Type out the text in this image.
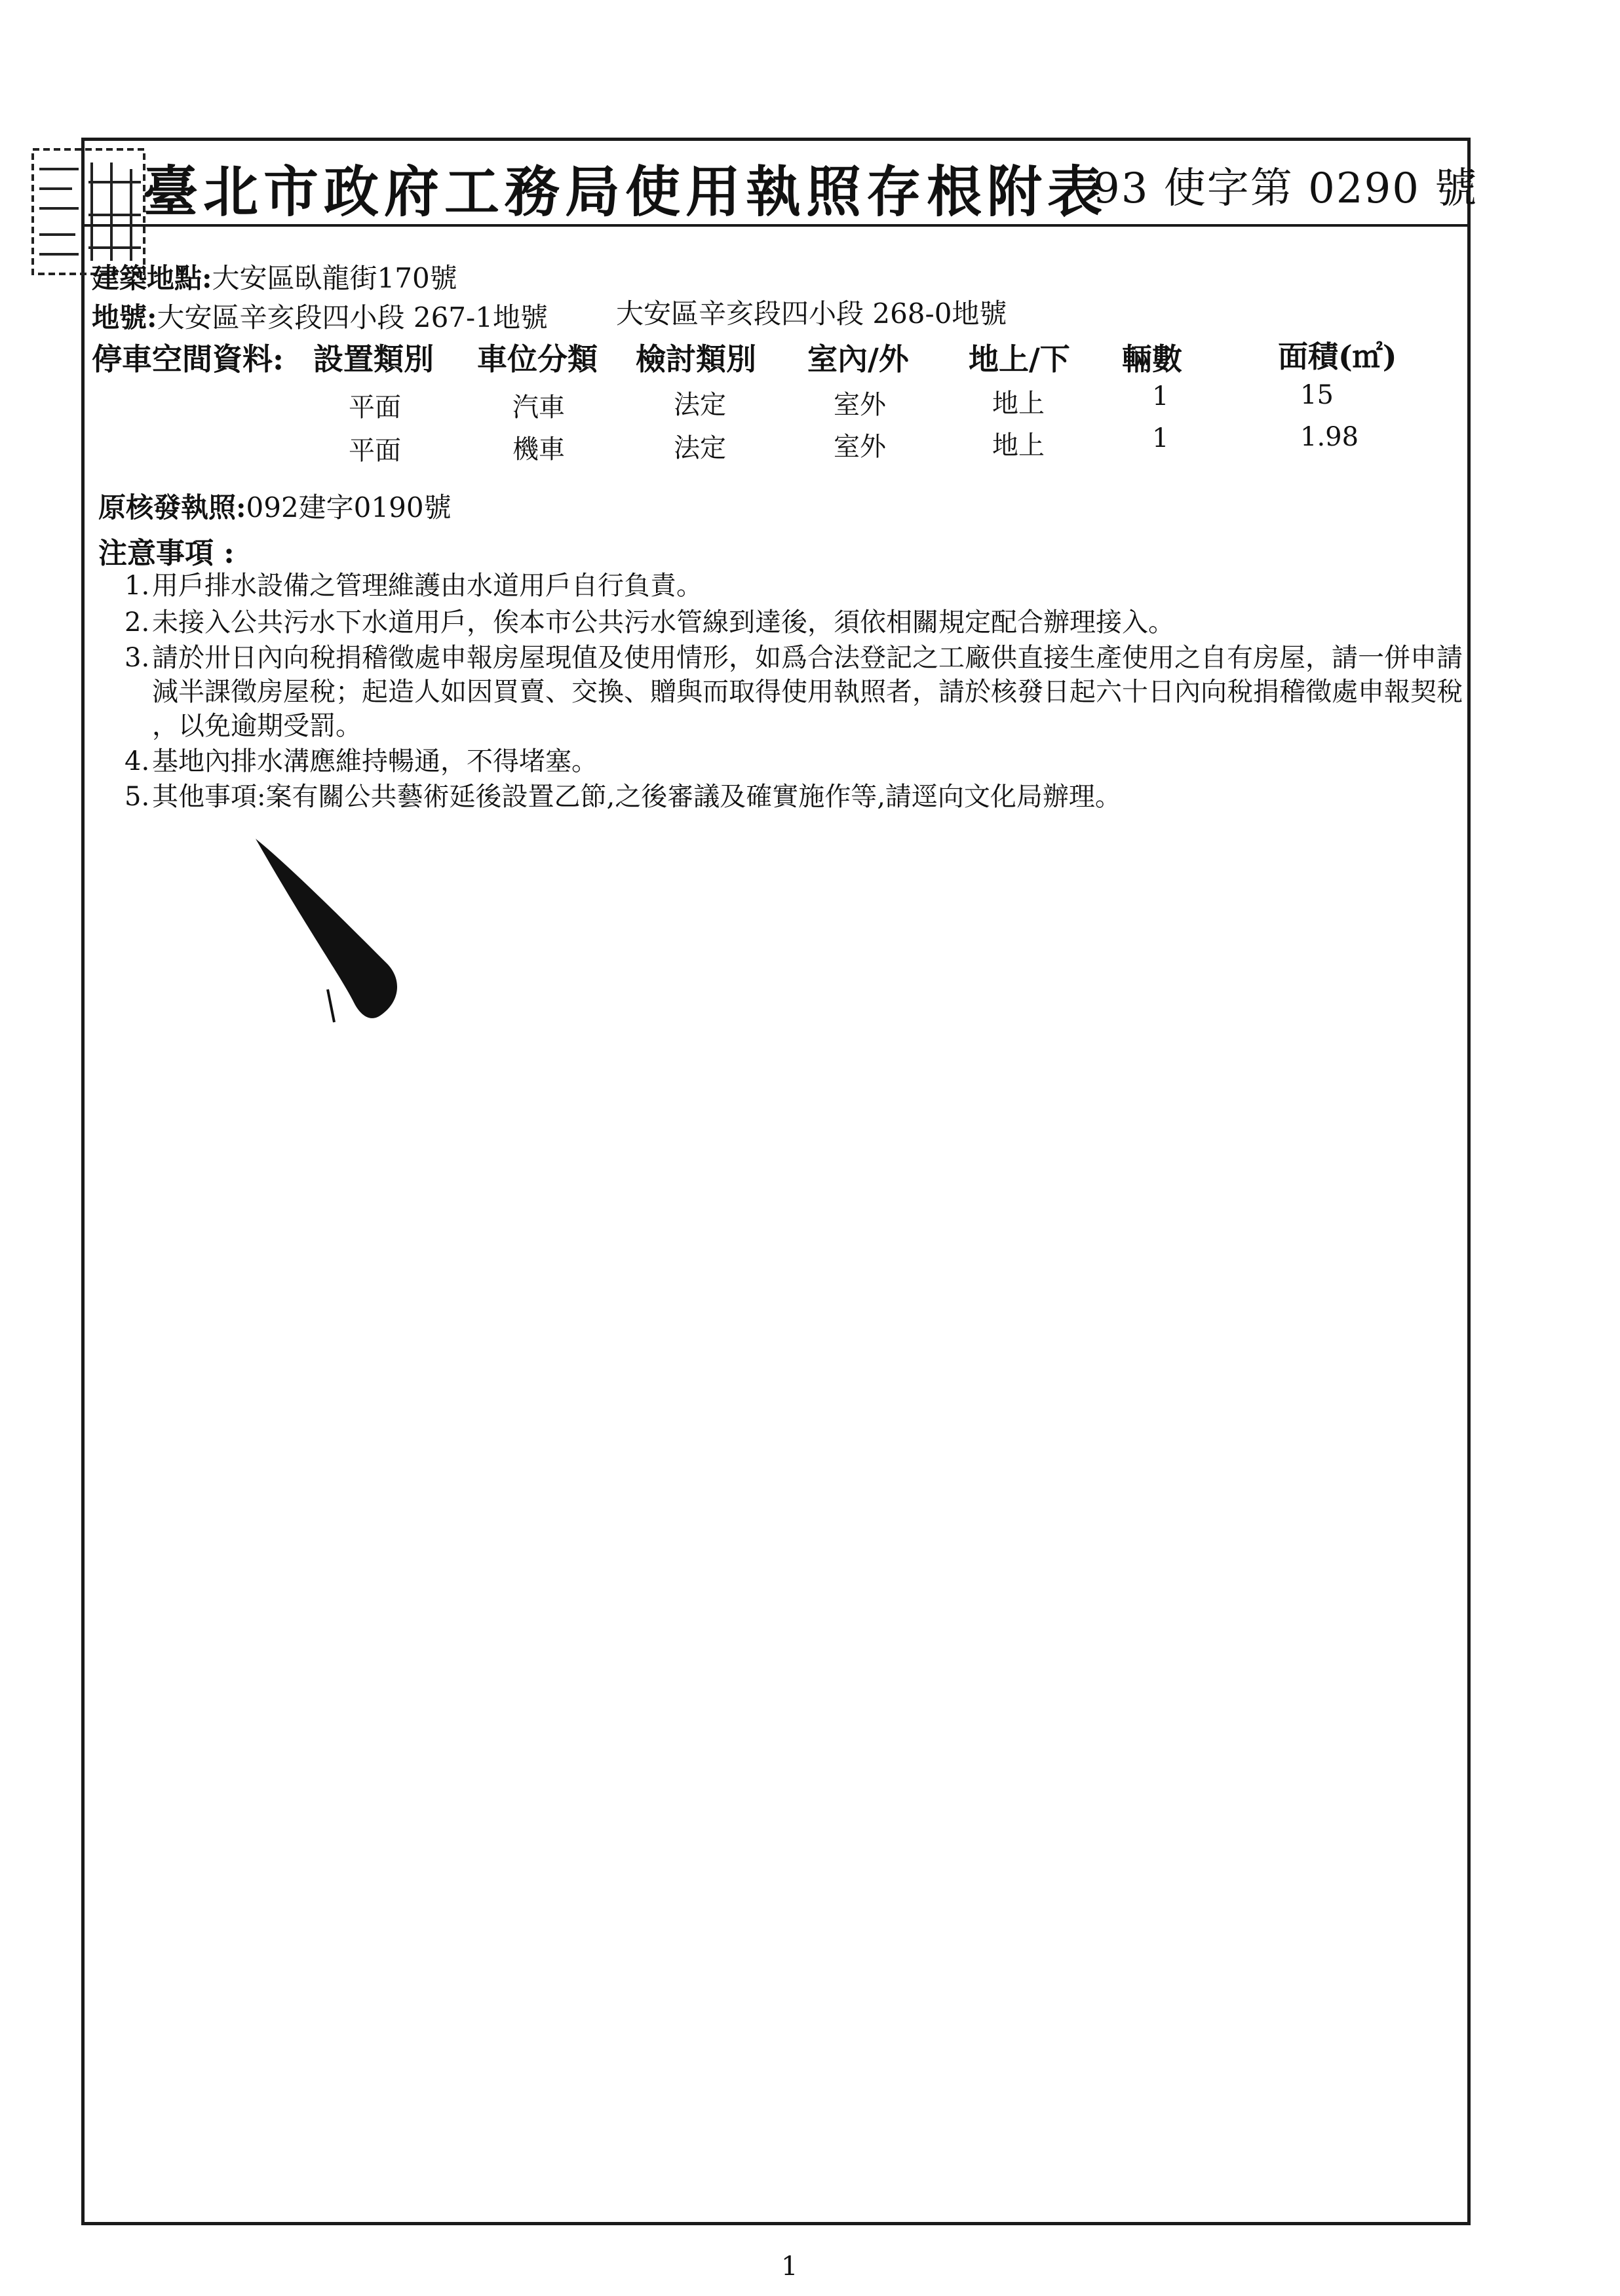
臺北市政府工務局使用執照存根附表
93 使字第 0290 號
建築地點:大安區臥龍街170號
地號:大安區辛亥段四小段 267-1地號 大安區辛亥段四小段 268-0地號
停車空間資料: 設置類別 車位分類 檢討類別 室內/外 地上/下 輛數	面積(㎡)
平面	汽車	法定	室外	地上	1	15
平面	機車	法定	室外	地上	1	1.98
原核發執照:092建字0190號
注意事項 :
1.用戶排水設備之管理維護由水道用戶自行負責。
2.未接入公共污水下水道用戶，俟本市公共污水管線到達後，須依相關規定配合辦理接入。
3.請於卅日內向稅捐稽徵處申報房屋現值及使用情形，如爲合法登記之工廠供直接生產使用之自有房屋，請一併申請
減半課徵房屋稅；起造人如因買賣、交換、贈與而取得使用執照者，請於核發日起六十日內向稅捐稽徵處申報契稅
，以免逾期受罰。
4.基地內排水溝應維持暢通，不得堵塞。
5.其他事項:案有關公共藝術延後設置乙節,之後審議及確實施作等,請逕向文化局辦理。
1
